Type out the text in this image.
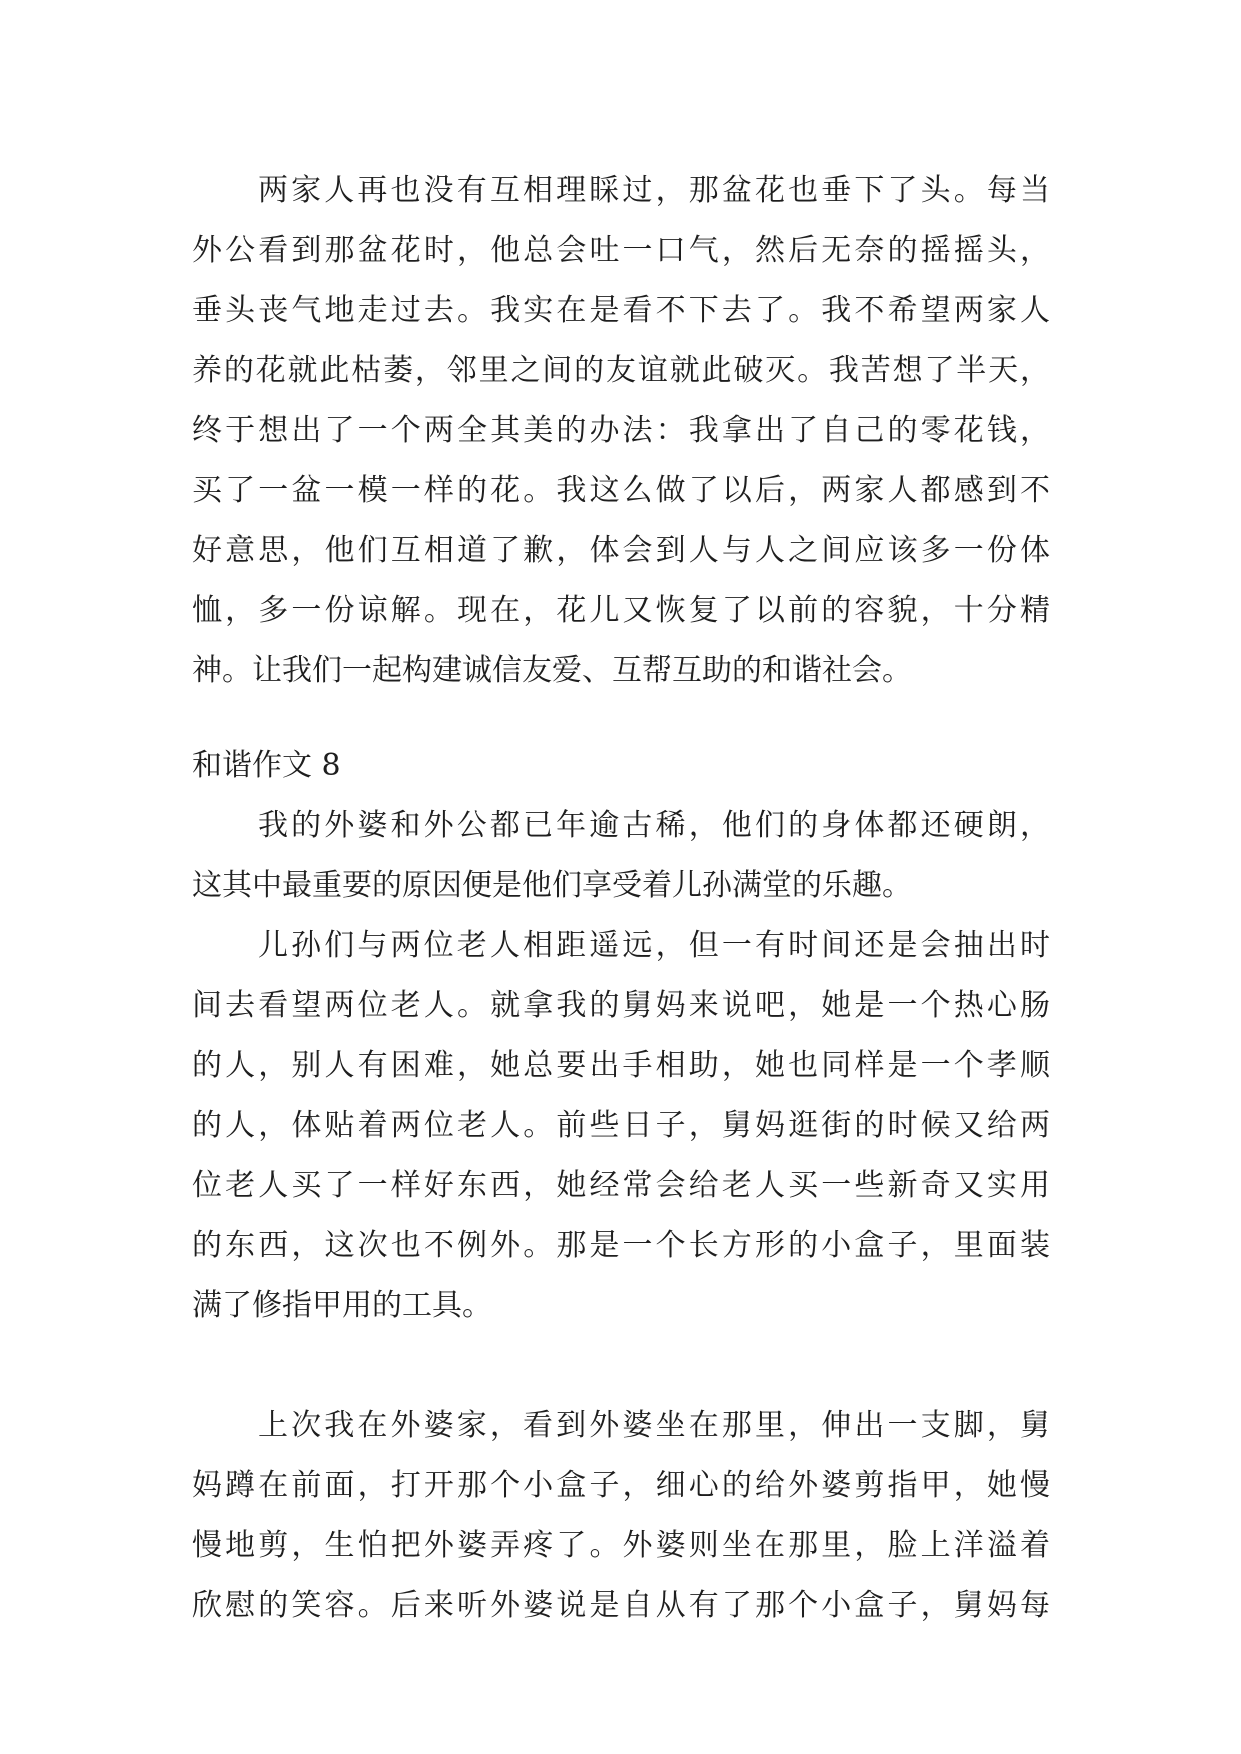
两家人再也没有互相理睬过，那盆花也垂下了头。每当
外公看到那盆花时，他总会吐一口气，然后无奈的摇摇头，
垂头丧气地走过去。我实在是看不下去了。我不希望两家人
养的花就此枯萎，邻里之间的友谊就此破灭。我苦想了半天，
终于想出了一个两全其美的办法：我拿出了自己的零花钱，
买了一盆一模一样的花。我这么做了以后，两家人都感到不
好意思，他们互相道了歉，体会到人与人之间应该多一份体
恤，多一份谅解。现在，花儿又恢复了以前的容貌，十分精
神。让我们一起构建诚信友爱、互帮互助的和谐社会。
和谐作文 8
我的外婆和外公都已年逾古稀，他们的身体都还硬朗，
这其中最重要的原因便是他们享受着儿孙满堂的乐趣。
儿孙们与两位老人相距遥远，但一有时间还是会抽出时
间去看望两位老人。就拿我的舅妈来说吧，她是一个热心肠
的人，别人有困难，她总要出手相助，她也同样是一个孝顺
的人，体贴着两位老人。前些日子，舅妈逛街的时候又给两
位老人买了一样好东西，她经常会给老人买一些新奇又实用
的东西，这次也不例外。那是一个长方形的小盒子，里面装
满了修指甲用的工具。
上次我在外婆家，看到外婆坐在那里，伸出一支脚，舅
妈蹲在前面，打开那个小盒子，细心的给外婆剪指甲，她慢
慢地剪，生怕把外婆弄疼了。外婆则坐在那里，脸上洋溢着
欣慰的笑容。后来听外婆说是自从有了那个小盒子，舅妈每
